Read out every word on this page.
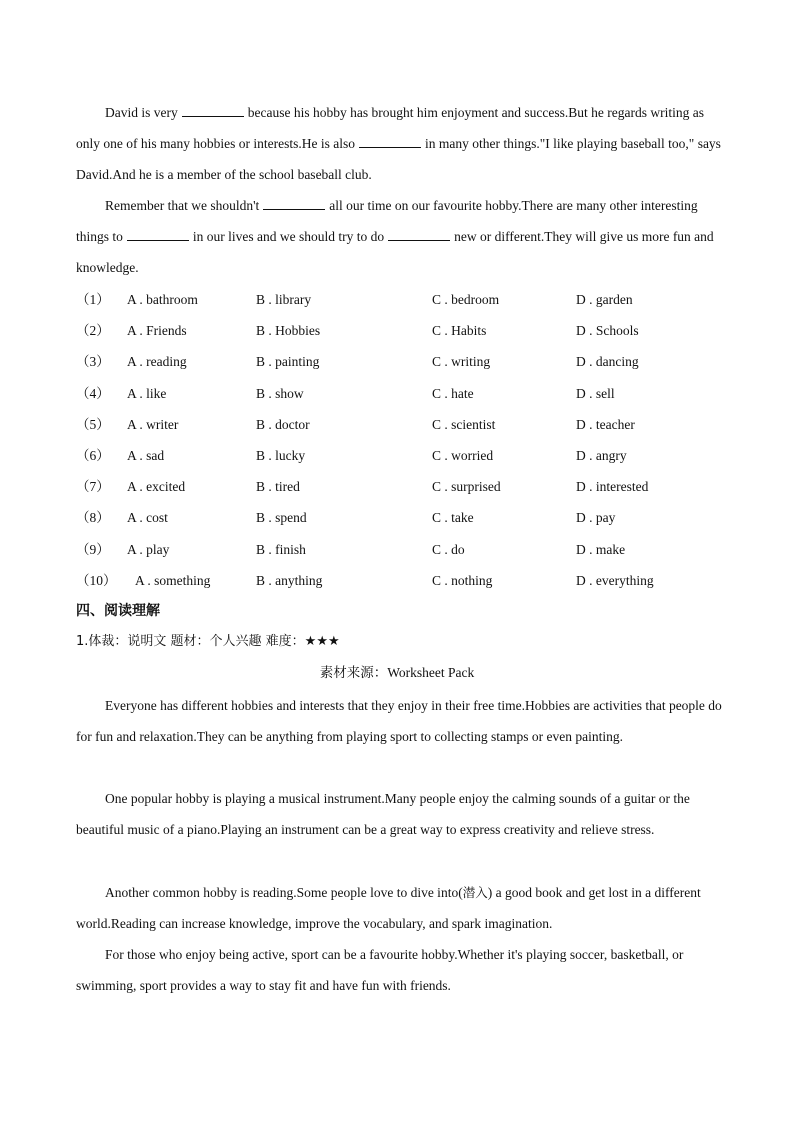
David is very	because his hobby has brought him enjoyment and success.But he regards writing as only one of his many hobbies or interests.He is also	in many other things."I like playing baseball too," says David.And he is a member of the school baseball club.

Remember that we shouldn't	all our time on our favourite hobby.There are many other interesting things to	in our lives and we should try to do	new or different.They will give us more fun and knowledge.

（1） A . bathroom	B . library	C . bedroom	D . garden
（2） A . Friends	B . Hobbies	C . Habits	D . Schools
（3） A . reading	B . painting	C . writing	D . dancing
（4） A . like	B . show	C . hate	D . sell
（5） A . writer	B . doctor	C . scientist	D . teacher
（6） A . sad	B . lucky	C . worried	D . angry
（7） A . excited	B . tired	C . surprised	D . interested
（8） A . cost	B . spend	C . take	D . pay
（9） A . play	B . finish	C . do	D . make
（10） A . something	B . anything	C . nothing	D . everything
四、阅读理解
1.体裁：说明文 题材：个人兴趣 难度：★★★
素材来源：Worksheet Pack

Everyone has different hobbies and interests that they enjoy in their free time.Hobbies are activities that people do for fun and relaxation.They can be anything from playing sport to collecting stamps or even painting.

One popular hobby is playing a musical instrument.Many people enjoy the calming sounds of a guitar or the beautiful music of a piano.Playing an instrument can be a great way to express creativity and relieve stress.

Another common hobby is reading.Some people love to dive into(潜入) a good book and get lost in a different world.Reading can increase knowledge, improve the vocabulary, and spark imagination.

For those who enjoy being active, sport can be a favourite hobby.Whether it's playing soccer, basketball, or swimming, sport provides a way to stay fit and have fun with friends.
